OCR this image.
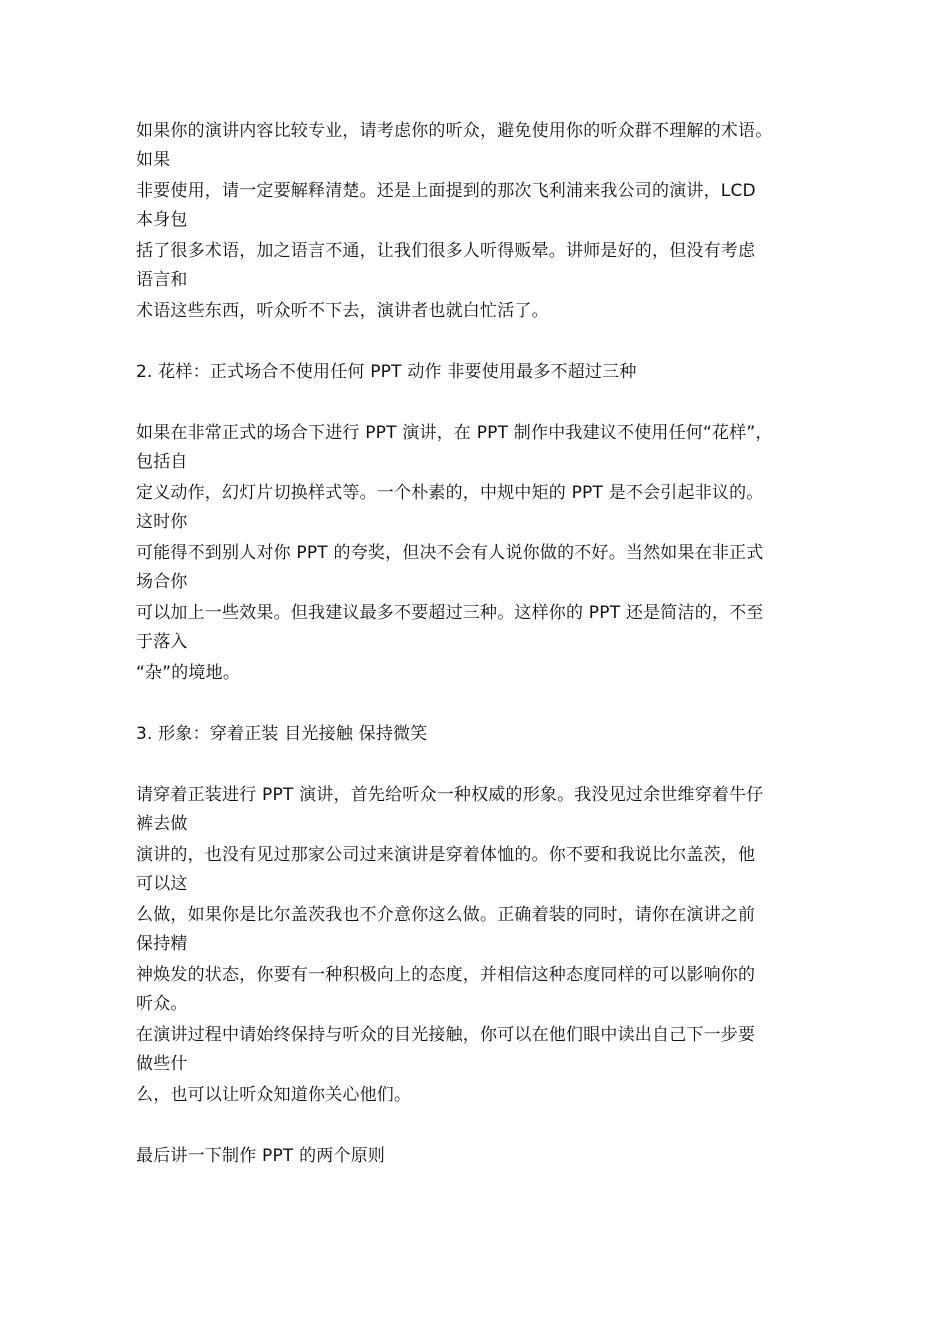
如果你的演讲内容比较专业，请考虑你的听众，避免使用你的听众群不理解的术语。
如果
非要使用，请一定要解释清楚。还是上面提到的那次飞利浦来我公司的演讲，LCD
本身包
括了很多术语，加之语言不通，让我们很多人听得贩晕。讲师是好的，但没有考虑
语言和
术语这些东西，听众听不下去，演讲者也就白忙活了。
2. 花样：正式场合不使用任何 PPT 动作 非要使用最多不超过三种
如果在非常正式的场合下进行 PPT 演讲，在 PPT 制作中我建议不使用任何“花样”，
包括自
定义动作，幻灯片切换样式等。一个朴素的，中规中矩的 PPT 是不会引起非议的。
这时你
可能得不到别人对你 PPT 的夸奖，但决不会有人说你做的不好。当然如果在非正式
场合你
可以加上一些效果。但我建议最多不要超过三种。这样你的 PPT 还是简洁的，不至
于落入
“杂”的境地。
3. 形象：穿着正装 目光接触 保持微笑
请穿着正装进行 PPT 演讲，首先给听众一种权威的形象。我没见过余世维穿着牛仔
裤去做
演讲的，也没有见过那家公司过来演讲是穿着体恤的。你不要和我说比尔盖茨，他
可以这
么做，如果你是比尔盖茨我也不介意你这么做。正确着装的同时，请你在演讲之前
保持精
神焕发的状态，你要有一种积极向上的态度，并相信这种态度同样的可以影响你的
听众。
在演讲过程中请始终保持与听众的目光接触，你可以在他们眼中读出自己下一步要
做些什
么，也可以让听众知道你关心他们。
最后讲一下制作 PPT 的两个原则
